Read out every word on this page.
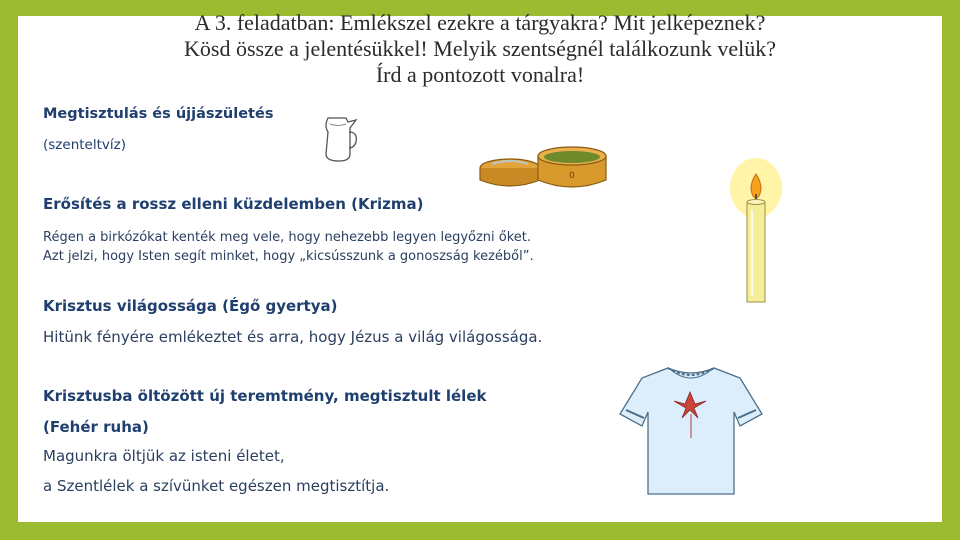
A 3. feladatban: Emlékszel ezekre a tárgyakra? Mit jelképeznek?
Kösd össze a jelentésükkel! Melyik szentségnél találkozunk velük?
Írd a pontozott vonalra!
Megtisztulás és újjászületés
(szenteltvíz)
Erősítés a rossz elleni küzdelemben (Krizma)
Régen a birkózókat kenték meg vele, hogy nehezebb legyen legyőzni őket.
Azt jelzi, hogy Isten segít minket, hogy „kicsússzunk a gonoszság kezéből”.
Krisztus világossága (Égő gyertya)
Hitünk fényére emlékeztet és arra, hogy Jézus a világ világossága.
Krisztusba öltözött új teremtmény, megtisztult lélek
(Fehér ruha)
Magunkra öltjük az isteni életet,
a Szentlélek a szívünket egészen megtisztítja.
0
